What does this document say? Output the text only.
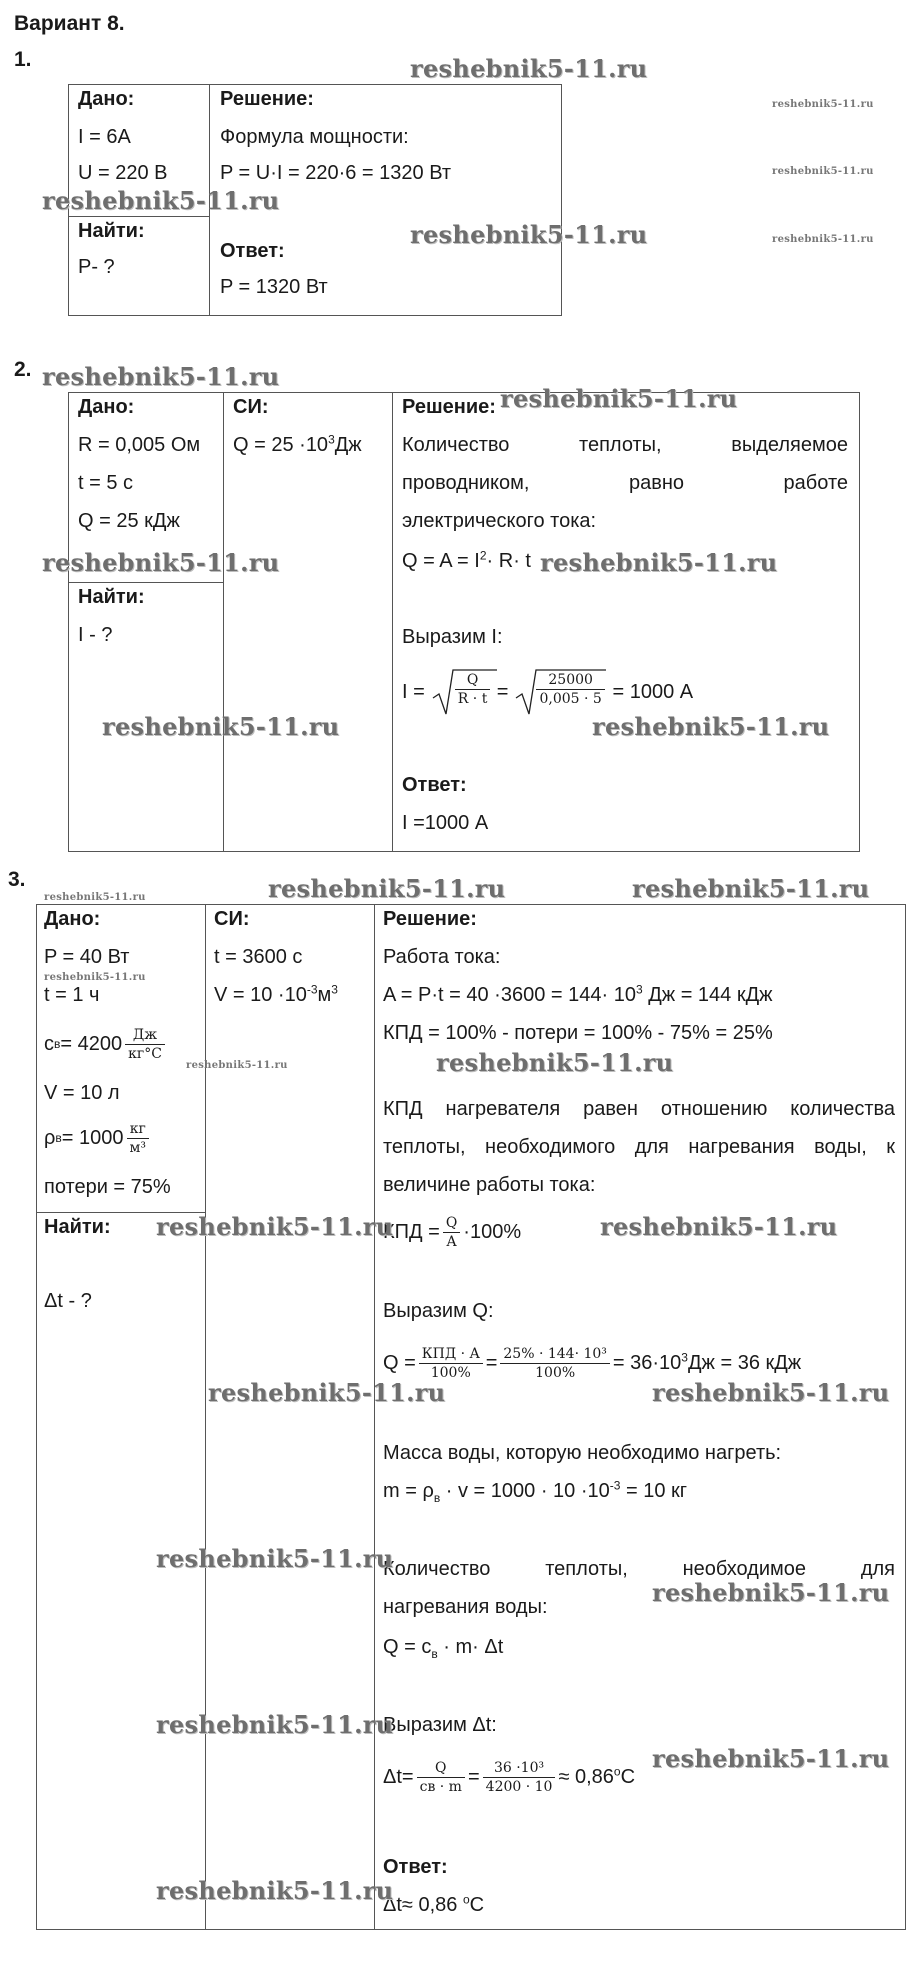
Вариант 8.
1.
Дано:
I = 6А
U = 220 В
Найти:
P- ?
Решение:
Формула мощности:
P = U·I = 220·6 = 1320 Вт
Ответ:
P = 1320 Вт
2.
Дано:
R = 0,005 Ом
t = 5 с
Q = 25 кДж
Найти:
I - ?
СИ:
$Q = 25 \cdot 10^3Дж$
Решение:
Количество теплоты, выделяемое
проводником, равно работе
электрического тока:
$Q = A = I^2\cdot R\cdot t$
Выразим I:
$I = \frac{Q}{R \cdot t} = \frac{25000}{0,005 \cdot 5} = 1000$ А
Ответ:
I =1000 А
3.
Дано:
P = 40 Вт
t = 1 ч
c $в = 4200 \frac{Дж}{кг^\circ C}$
V = 10 л
ρ $в = 1000 \frac{кг}{\text{м³}}$
потери = 75%
Найти:
Δt - ?
СИ:
t = 3600 с
$V = 10 \cdot 10^{-3}м^3$
Решение:
Работа тока:
$A = P\cdot t = 40 \cdot 3600 = 144\cdot 10^3$ Дж = 144 кДж
КПД = 100% - потери = 100% - 75% = 25%
КПД нагревателя равен отношению количества
теплоты, необходимого для нагревания воды, к
величине работы тока:
КПД = $\frac{Q}{A} \cdot 100\%$
Выразим Q:
$Q = \frac{\text{КПД · A}}{100\%} = \frac{\text{25\% · 144· 10³}}{100\%} = 36\cdot 10^3Дж = 36$ кДж
Масса воды, которую необходимо нагреть:
$m = \rho_в \cdot v = 1000 \cdot 10 \cdot 10^{-3} = 10$ кг
Количество теплоты, необходимое для
нагревания воды:
$Q = c_в \cdot m\cdot \Delta t$
Выразим Δt:
$\Delta t= \frac{Q}{cв \cdot m} = \frac{\text{36 ·10³}}{4200 \cdot 10} \approx 0,86^oC$
Ответ:
Δt≈ 0,86 $^o$C
reshebnik5-11.ru
reshebnik5-11.ru
reshebnik5-11.ru
reshebnik5-11.ru
reshebnik5-11.ru
reshebnik5-11.ru
reshebnik5-11.ru
reshebnik5-11.ru
reshebnik5-11.ru	reshebnik5-11.ru
reshebnik5-11.ru	reshebnik5-11.ru
reshebnik5-11.ru	reshebnik5-11.ru	reshebnik5-11.ru
reshebnik5-11.ru
reshebnik5-11.ru	reshebnik5-11.ru
reshebnik5-11.ru	reshebnik5-11.ru
reshebnik5-11.ru	reshebnik5-11.ru
reshebnik5-11.ru
reshebnik5-11.ru
reshebnik5-11.ru
reshebnik5-11.ru
reshebnik5-11.ru
